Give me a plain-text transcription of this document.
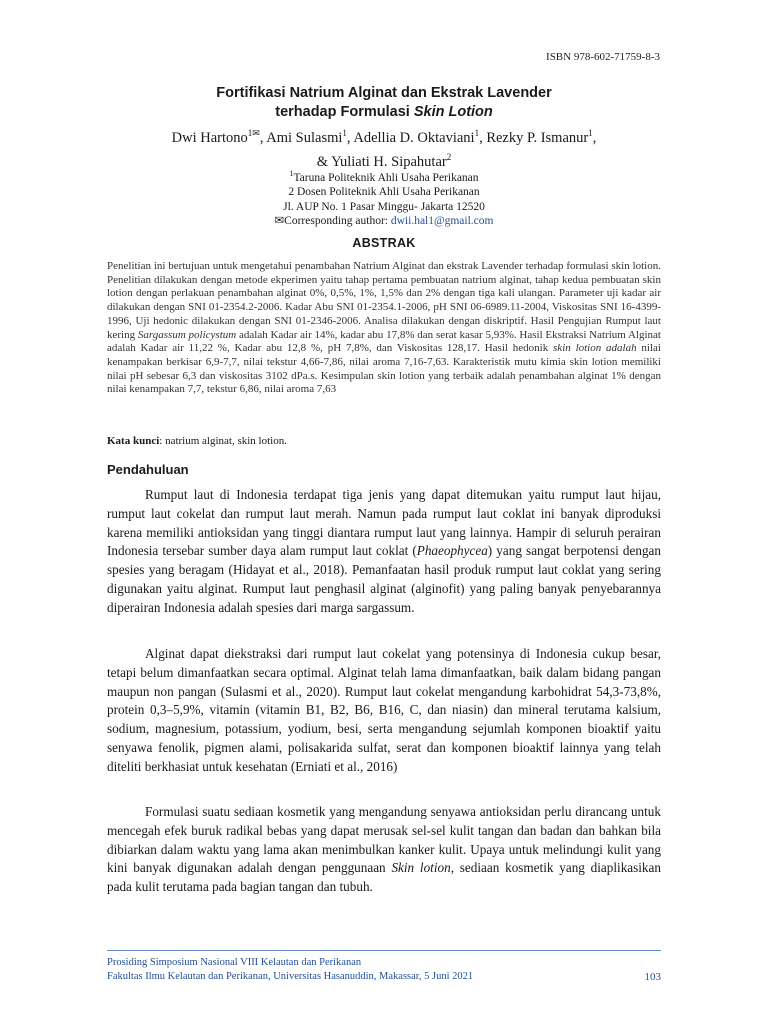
ISBN 978-602-71759-8-3
Fortifikasi Natrium Alginat dan Ekstrak Lavender
terhadap Formulasi Skin Lotion
Dwi Hartono$^{1✉}$, Ami Sulasmi$^1$, Adellia D. Oktaviani$^1$, Rezky P. Ismanur$^1$,
& Yuliati H. Sipahutar$^2$
$^1$Taruna Politeknik Ahli Usaha Perikanan
2 Dosen Politeknik Ahli Usaha Perikanan
Jl. AUP No. 1 Pasar Minggu- Jakarta 12520
✉Corresponding author: dwii.hal1@gmail.com
ABSTRAK
Penelitian ini bertujuan untuk mengetahui penambahan Natrium Alginat dan ekstrak Lavender terhadap formulasi skin lotion. Penelitian dilakukan dengan metode ekperimen yaitu tahap pertama pembuatan natrium alginat, tahap kedua pembuatan skin lotion dengan perlakuan penambahan alginat 0%, 0,5%, 1%, 1,5% dan 2% dengan tiga kali ulangan. Parameter uji kadar air dilakukan dengan SNI 01-2354.2-2006. Kadar Abu SNI 01-2354.1-2006, pH SNI 06-6989.11-2004, Viskositas SNI 16-4399-1996, Uji hedonic dilakukan dengan SNI 01-2346-2006. Analisa dilakukan dengan diskriptif. Hasil Pengujian Rumput laut kering Sargassum policystum adalah Kadar air 14%, kadar abu 17,8% dan serat kasar 5,93%. Hasil Ekstraksi Natrium Alginat adalah Kadar air 11,22 %, Kadar abu 12,8 %, pH 7,8%, dan Viskositas 128,17. Hasil hedonik skin lotion adalah nilai kenampakan berkisar 6,9-7,7, nilai tekstur 4,66-7,86, nilai aroma 7,16-7,63. Karakteristik mutu kimia skin lotion memiliki nilai pH sebesar 6,3 dan viskositas 3102 dPa.s. Kesimpulan skin lotion yang terbaik adalah penambahan alginat 1% dengan nilai kenampakan 7,7, tekstur 6,86, nilai aroma 7,63
Kata kunci: natrium alginat, skin lotion.
Pendahuluan

Rumput laut di Indonesia terdapat tiga jenis yang dapat ditemukan yaitu rumput laut hijau, rumput laut cokelat dan rumput laut merah. Namun pada rumput laut coklat ini banyak diproduksi karena memiliki antioksidan yang tinggi diantara rumput laut yang lainnya. Hampir di seluruh perairan Indonesia tersebar sumber daya alam rumput laut coklat (Phaeophycea) yang sangat berpotensi dengan spesies yang beragam (Hidayat et al., 2018). Pemanfaatan hasil produk rumput laut coklat yang sering digunakan yaitu alginat. Rumput laut penghasil alginat (alginofit) yang paling banyak penyebarannya diperairan Indonesia adalah spesies dari marga sargassum.

Alginat dapat diekstraksi dari rumput laut cokelat yang potensinya di Indonesia cukup besar, tetapi belum dimanfaatkan secara optimal. Alginat telah lama dimanfaatkan, baik dalam bidang pangan maupun non pangan (Sulasmi et al., 2020). Rumput laut cokelat mengandung karbohidrat 54,3-73,8%, protein 0,3–5,9%, vitamin (vitamin B1, B2, B6, B16, C, dan niasin) dan mineral terutama kalsium, sodium, magnesium, potassium, yodium, besi, serta mengandung sejumlah komponen bioaktif yaitu senyawa fenolik, pigmen alami, polisakarida sulfat, serat dan komponen bioaktif lainnya yang telah diteliti berkhasiat untuk kesehatan (Erniati et al., 2016)

Formulasi suatu sediaan kosmetik yang mengandung senyawa antioksidan perlu dirancang untuk mencegah efek buruk radikal bebas yang dapat merusak sel-sel kulit tangan dan badan dan bahkan bila dibiarkan dalam waktu yang lama akan menimbulkan kanker kulit. Upaya untuk melindungi kulit yang kini banyak digunakan adalah dengan penggunaan Skin lotion, sediaan kosmetik yang diaplikasikan pada kulit terutama pada bagian tangan dan tubuh.

Prosiding Simposium Nasional VIII Kelautan dan Perikanan
Fakultas Ilmu Kelautan dan Perikanan, Universitas Hasanuddin, Makassar, 5 Juni 2021	103
